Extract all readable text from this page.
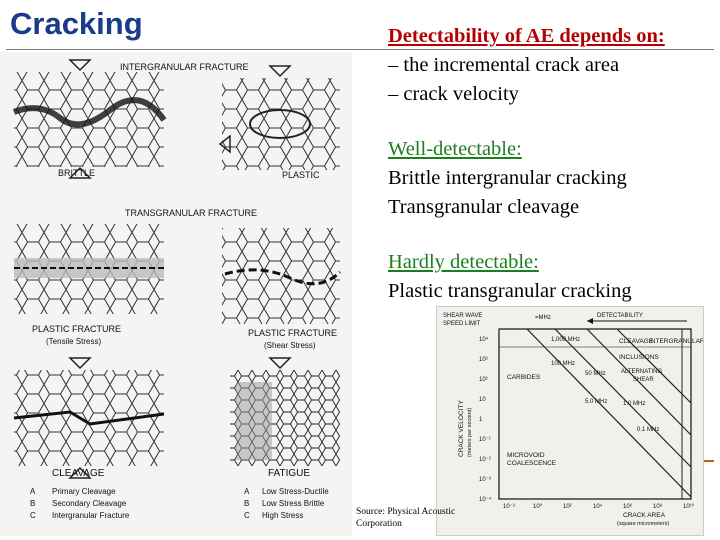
Cracking	Detectability of AE depends on:
– the incremental crack area
– crack velocity
Well-detectable:
Brittle intergranular cracking
Transgranular cleavage
Hardly detectable:
Plastic transgranular cracking
INTERGRANULAR FRACTURE
BRITTLE	PLASTIC
TRANSGRANULAR FRACTURE
PLASTIC FRACTURE
(Tensile Stress)
PLASTIC FRACTURE
(Shear Stress)
CLEAVAGE	FATIGUE
A Primary Cleavage
B Secondary Cleavage
C Intergranular Fracture
A Low Stress-Ductile
B Low Stress Brittle
C High Stress
SHEAR WAVE
SPEED LIMIT
=MHz	DETECTABILITY
10⁴
10³
10²
10
1
10⁻¹
10⁻²
10⁻³
10⁻⁴
10⁻²	10⁰	10²	10⁴	10⁶	10⁸	10¹⁰
1,000 MHz
100 MHz
50 MHz
5.0 MHz	1.0 MHz
0.1 MHz
CLEAVAGE
INTERGRANULAR
INCLUSIONS
ALTERNATING
SHEAR
CARBIDES
MICROVOID
COALESCENCE
CRACK VELOCITY (meters per second)
CRACK AREA
(square micrometers)
Source: Physical Acoustic Corporation
